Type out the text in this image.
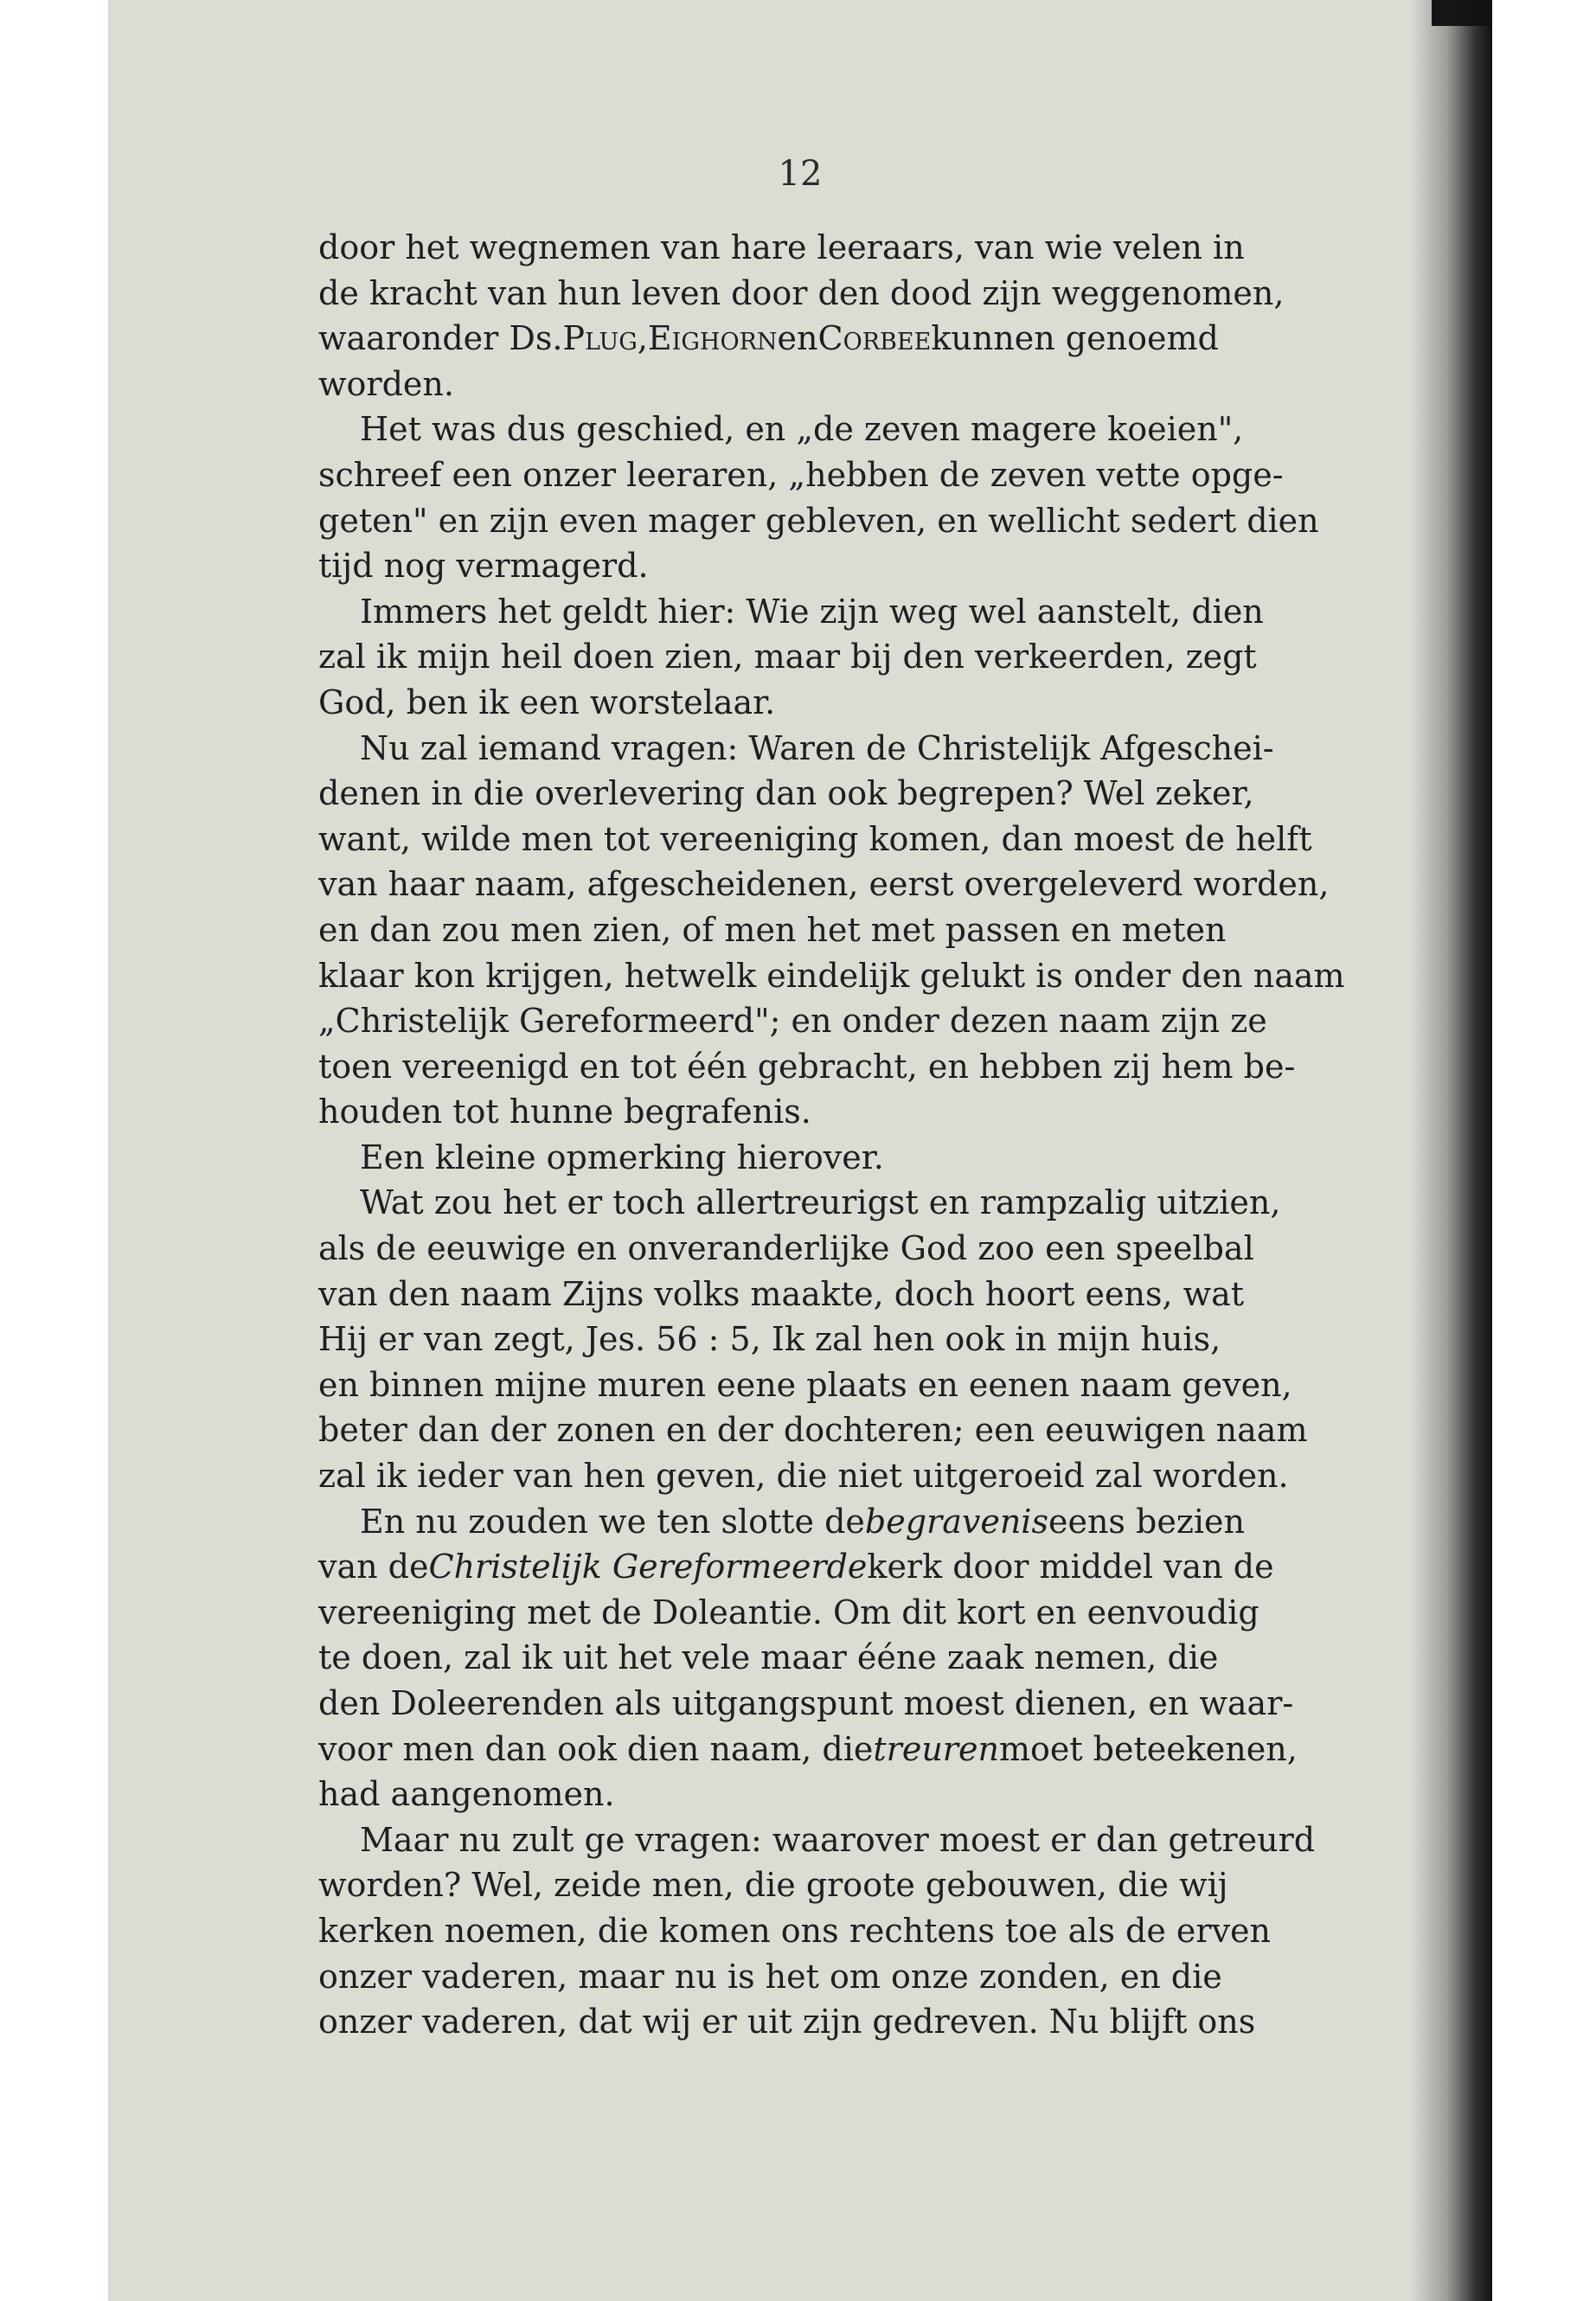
12
door het wegnemen van hare leeraars, van wie velen in
de kracht van hun leven door den dood zijn weggenomen,
waaronder Ds.Plug,EighornenCorbeekunnen genoemd
worden.
Het was dus geschied, en „de zeven magere koeien",
schreef een onzer leeraren, „hebben de zeven vette opge-
geten" en zijn even mager gebleven, en wellicht sedert dien
tijd nog vermagerd.
Immers het geldt hier: Wie zijn weg wel aanstelt, dien
zal ik mijn heil doen zien, maar bij den verkeerden, zegt
God, ben ik een worstelaar.
Nu zal iemand vragen: Waren de Christelijk Afgeschei-
denen in die overlevering dan ook begrepen? Wel zeker,
want, wilde men tot vereeniging komen, dan moest de helft
van haar naam, afgescheidenen, eerst overgeleverd worden,
en dan zou men zien, of men het met passen en meten
klaar kon krijgen, hetwelk eindelijk gelukt is onder den naam
„Christelijk Gereformeerd"; en onder dezen naam zijn ze
toen vereenigd en tot één gebracht, en hebben zij hem be-
houden tot hunne begrafenis.
Een kleine opmerking hierover.
Wat zou het er toch allertreurigst en rampzalig uitzien,
als de eeuwige en onveranderlijke God zoo een speelbal
van den naam Zijns volks maakte, doch hoort eens, wat
Hij er van zegt, Jes. 56 : 5, Ik zal hen ook in mijn huis,
en binnen mijne muren eene plaats en eenen naam geven,
beter dan der zonen en der dochteren; een eeuwigen naam
zal ik ieder van hen geven, die niet uitgeroeid zal worden.
En nu zouden we ten slotte debegraveniseens bezien
van deChristelijk Gereformeerdekerk door middel van de
vereeniging met de Doleantie. Om dit kort en eenvoudig
te doen, zal ik uit het vele maar ééne zaak nemen, die
den Doleerenden als uitgangspunt moest dienen, en waar-
voor men dan ook dien naam, dietreurenmoet beteekenen,
had aangenomen.
Maar nu zult ge vragen: waarover moest er dan getreurd
worden? Wel, zeide men, die groote gebouwen, die wij
kerken noemen, die komen ons rechtens toe als de erven
onzer vaderen, maar nu is het om onze zonden, en die
onzer vaderen, dat wij er uit zijn gedreven. Nu blijft ons
